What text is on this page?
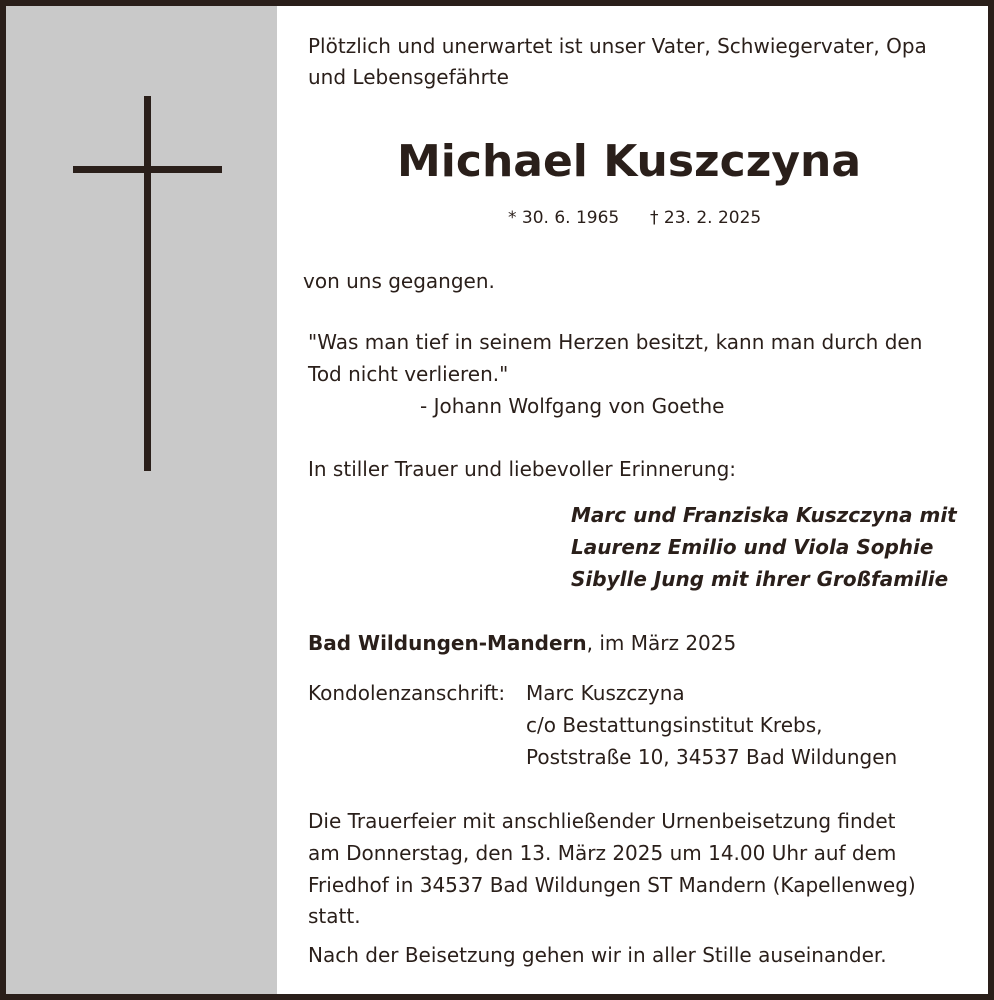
Plötzlich und unerwartet ist unser Vater, Schwiegervater, Opa
und Lebensgefährte
Michael Kuszczyna
* 30. 6. 1965 † 23. 2. 2025
von uns gegangen.
"Was man tief in seinem Herzen besitzt, kann man durch den
Tod nicht verlieren."
- Johann Wolfgang von Goethe
In stiller Trauer und liebevoller Erinnerung:
Marc und Franziska Kuszczyna mit
Laurenz Emilio und Viola Sophie
Sibylle Jung mit ihrer Großfamilie
Bad Wildungen-Mandern, im März 2025
Kondolenzanschrift: Marc Kuszczyna
c/o Bestattungsinstitut Krebs,
Poststraße 10, 34537 Bad Wildungen
Die Trauerfeier mit anschließender Urnenbeisetzung findet
am Donnerstag, den 13. März 2025 um 14.00 Uhr auf dem
Friedhof in 34537 Bad Wildungen ST Mandern (Kapellenweg)
statt.
Nach der Beisetzung gehen wir in aller Stille auseinander.
